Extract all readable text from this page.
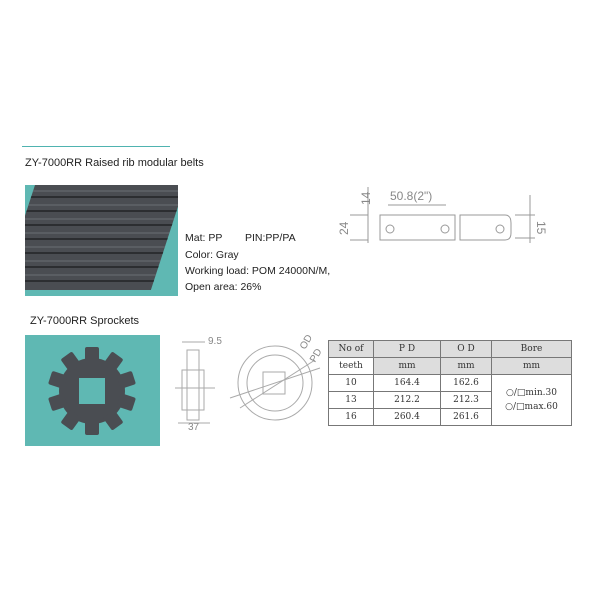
ZY-7000RR Raised rib modular belts
Mat: PP PIN:PP/PA
Color: Gray
Working load: POM 24000N/M,
Open area: 26%
50.8(2")
14
24	15
ZY-7000RR Sprockets
9.5
37
OD
PD No of	P D	O D	Bore
teeth	mm	mm	mm
10	164.4	162.6	○/□min.30
○/□max.60

13	212.2	212.3	
16	260.4	261.6	
